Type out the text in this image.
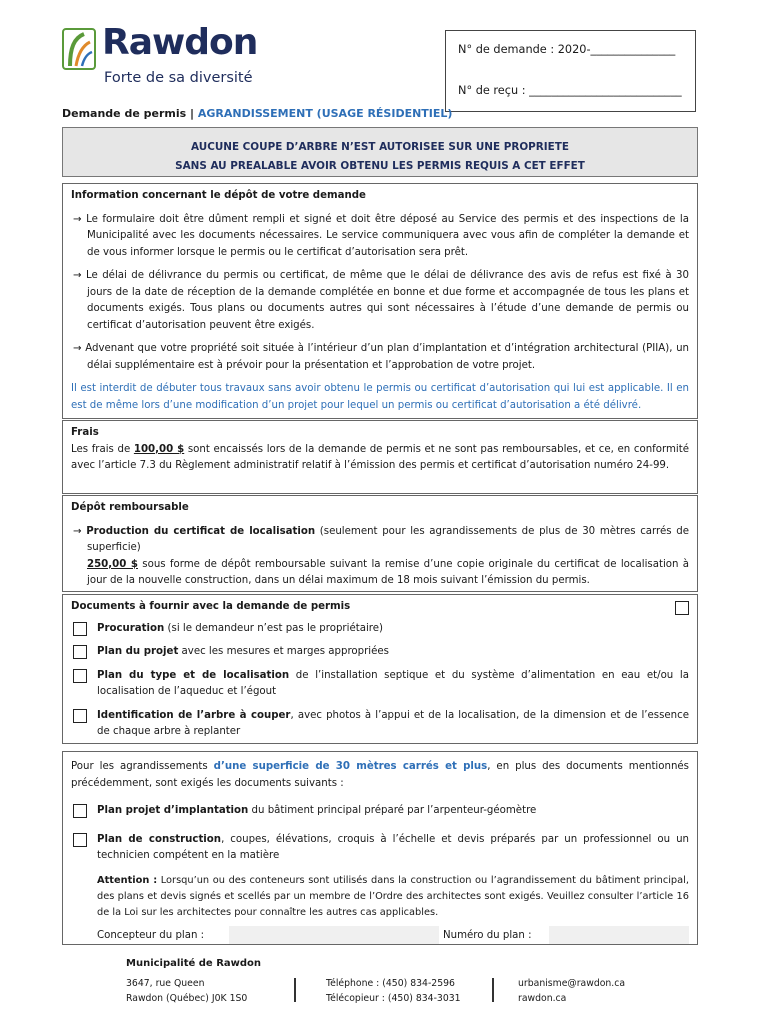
Rawdon
Forte de sa diversité
N° de demande : 2020-_______________
N° de reçu : ___________________________
Demande de permis | AGRANDISSEMENT (USAGE RÉSIDENTIEL)
AUCUNE COUPE D’ARBRE N’EST AUTORISEE SUR UNE PROPRIETE
SANS AU PREALABLE AVOIR OBTENU LES PERMIS REQUIS A CET EFFET
Information concernant le dépôt de votre demande

→ Le formulaire doit être dûment rempli et signé et doit être déposé au Service des permis et des inspections de la Municipalité avec les documents nécessaires. Le service communiquera avec vous afin de compléter la demande et de vous informer lorsque le permis ou le certificat d’autorisation sera prêt.

→ Le délai de délivrance du permis ou certificat, de même que le délai de délivrance des avis de refus est fixé à 30 jours de la date de réception de la demande complétée en bonne et due forme et accompagnée de tous les plans et documents exigés. Tous plans ou documents autres qui sont nécessaires à l’étude d’une demande de permis ou certificat d’autorisation peuvent être exigés.

→ Advenant que votre propriété soit située à l’intérieur d’un plan d’implantation et d’intégration architectural (PIIA), un délai supplémentaire est à prévoir pour la présentation et l’approbation de votre projet.

Il est interdit de débuter tous travaux sans avoir obtenu le permis ou certificat d’autorisation qui lui est applicable. Il en est de même lors d’une modification d’un projet pour lequel un permis ou certificat d’autorisation a été délivré.

Frais

Les frais de 100,00 $ sont encaissés lors de la demande de permis et ne sont pas remboursables, et ce, en conformité avec l’article 7.3 du Règlement administratif relatif à l’émission des permis et certificat d’autorisation numéro 24-99.

Dépôt remboursable

→ Production du certificat de localisation (seulement pour les agrandissements de plus de 30 mètres carrés de superficie)

250,00 $ sous forme de dépôt remboursable suivant la remise d’une copie originale du certificat de localisation à jour de la nouvelle construction, dans un délai maximum de 18 mois suivant l’émission du permis.

Documents à fournir avec la demande de permis
Procuration (si le demandeur n’est pas le propriétaire)
Plan du projet avec les mesures et marges appropriées
Plan du type et de localisation de l’installation septique et du système d’alimentation en eau et/ou la localisation de l’aqueduc et l’égout
Identification de l’arbre à couper, avec photos à l’appui et de la localisation, de la dimension et de l’essence de chaque arbre à replanter

Pour les agrandissements d’une superficie de 30 mètres carrés et plus, en plus des documents mentionnés précédemment, sont exigés les documents suivants :

Plan projet d’implantation du bâtiment principal préparé par l’arpenteur-géomètre
Plan de construction, coupes, élévations, croquis à l’échelle et devis préparés par un professionnel ou un technicien compétent en la matière

Attention : Lorsqu’un ou des conteneurs sont utilisés dans la construction ou l’agrandissement du bâtiment principal, des plans et devis signés et scellés par un membre de l’Ordre des architectes sont exigés. Veuillez consulter l’article 16 de la Loi sur les architectes pour connaître les autres cas applicables.

Concepteur du plan :	Numéro du plan :
Municipalité de Rawdon
3647, rue Queen
Rawdon (Québec) J0K 1S0
Téléphone : (450) 834-2596
Télécopieur : (450) 834-3031
urbanisme@rawdon.ca
rawdon.ca
